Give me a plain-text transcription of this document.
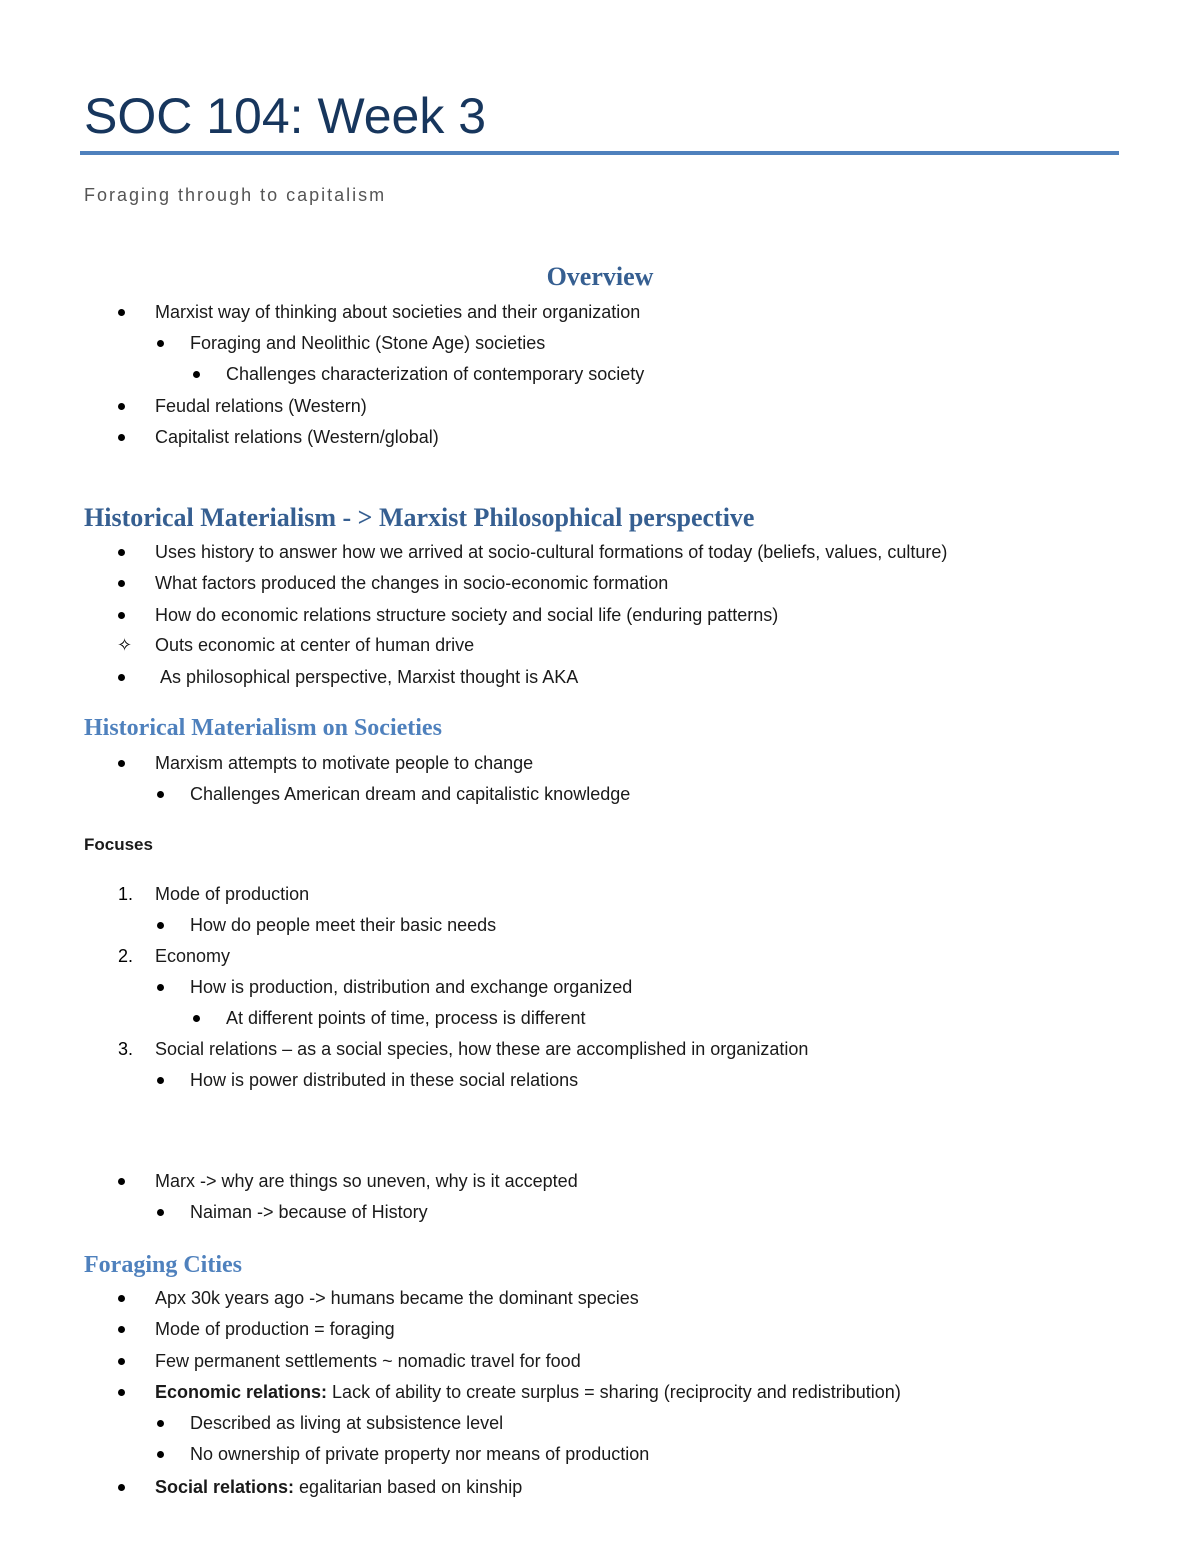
SOC 104: Week 3

Foraging through to capitalism

Overview

Marxist way of thinking about societies and their organization

Foraging and Neolithic (Stone Age) societies

Challenges characterization of contemporary society

Feudal relations (Western)

Capitalist relations (Western/global)

Historical Materialism - > Marxist Philosophical perspective

Uses history to answer how we arrived at socio-cultural formations of today (beliefs, values, culture)

What factors produced the changes in socio-economic formation

How do economic relations structure society and social life (enduring patterns)

✧ Outs economic at center of human drive

As philosophical perspective, Marxist thought is AKA

Historical Materialism on Societies

Marxism attempts to motivate people to change

Challenges American dream and capitalistic knowledge

Focuses

1. Mode of production

How do people meet their basic needs

2. Economy

How is production, distribution and exchange organized

At different points of time, process is different

3. Social relations – as a social species, how these are accomplished in organization

How is power distributed in these social relations

Marx -> why are things so uneven, why is it accepted

Naiman -> because of History

Foraging Cities

Apx 30k years ago -> humans became the dominant species

Mode of production = foraging

Few permanent settlements ~ nomadic travel for food

Economic relations: Lack of ability to create surplus = sharing (reciprocity and redistribution)

Described as living at subsistence level

No ownership of private property nor means of production

Social relations: egalitarian based on kinship
